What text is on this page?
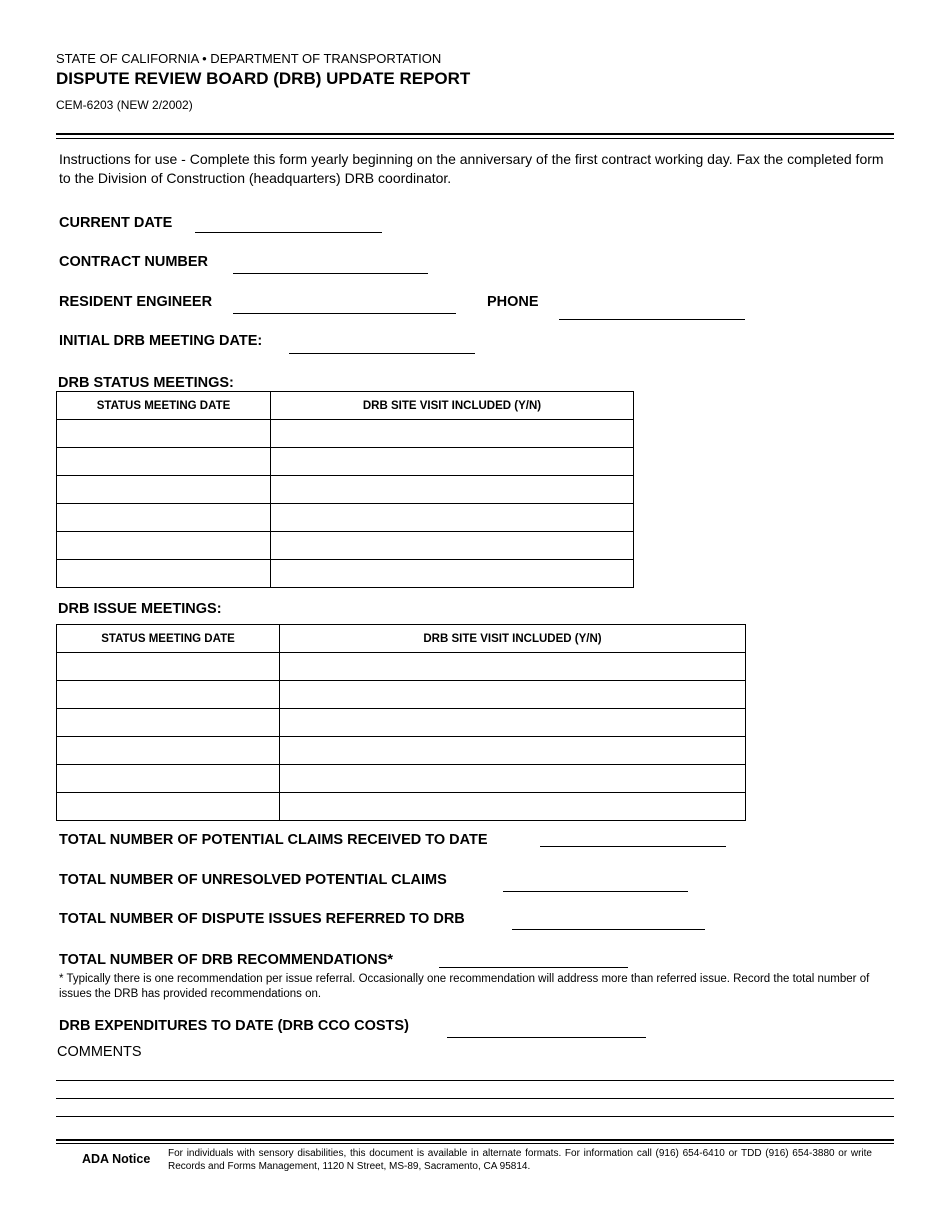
STATE OF CALIFORNIA • DEPARTMENT OF TRANSPORTATION
DISPUTE REVIEW BOARD (DRB) UPDATE REPORT
CEM-6203 (NEW 2/2002)
Instructions for use - Complete this form yearly beginning on the anniversary of the first contract working day. Fax the completed form to the Division of Construction (headquarters) DRB coordinator.
CURRENT DATE
CONTRACT NUMBER
RESIDENT ENGINEER	PHONE
INITIAL DRB MEETING DATE:
DRB STATUS MEETINGS:
STATUS MEETING DATE	DRB SITE VISIT INCLUDED (Y/N)

DRB ISSUE MEETINGS:
STATUS MEETING DATE	DRB SITE VISIT INCLUDED (Y/N)

TOTAL NUMBER OF POTENTIAL CLAIMS RECEIVED TO DATE
TOTAL NUMBER OF UNRESOLVED POTENTIAL CLAIMS
TOTAL NUMBER OF DISPUTE ISSUES REFERRED TO DRB
TOTAL NUMBER OF DRB RECOMMENDATIONS*
* Typically there is one recommendation per issue referral. Occasionally one recommendation will address more than referred issue. Record the total number of issues the DRB has provided recommendations on.
DRB EXPENDITURES TO DATE (DRB CCO COSTS)
COMMENTS
ADA Notice For individuals with sensory disabilities, this document is available in alternate formats. For information call (916) 654-6410 or TDD (916) 654-3880 or write Records and Forms Management, 1120 N Street, MS-89, Sacramento, CA 95814.
